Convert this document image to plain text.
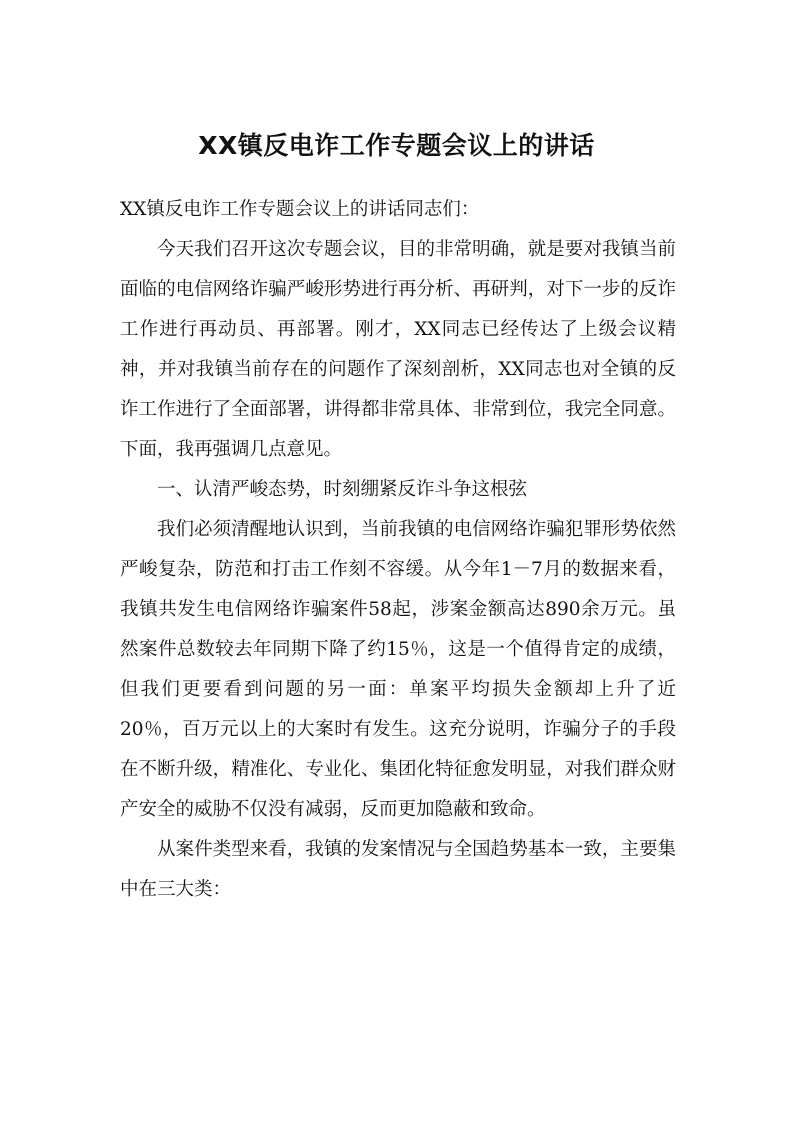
XX镇反电诈工作专题会议上的讲话

XX镇反电诈工作专题会议上的讲话同志们：

今天我们召开这次专题会议，目的非常明确，就是要对我镇当前面临的电信网络诈骗严峻形势进行再分析、再研判，对下一步的反诈工作进行再动员、再部署。刚才，XX同志已经传达了上级会议精神，并对我镇当前存在的问题作了深刻剖析，XX同志也对全镇的反诈工作进行了全面部署，讲得都非常具体、非常到位，我完全同意。下面，我再强调几点意见。

一、认清严峻态势，时刻绷紧反诈斗争这根弦

我们必须清醒地认识到，当前我镇的电信网络诈骗犯罪形势依然严峻复杂，防范和打击工作刻不容缓。从今年1－7月的数据来看，我镇共发生电信网络诈骗案件58起，涉案金额高达890余万元。虽然案件总数较去年同期下降了约15％，这是一个值得肯定的成绩，但我们更要看到问题的另一面：单案平均损失金额却上升了近20％，百万元以上的大案时有发生。这充分说明，诈骗分子的手段在不断升级，精准化、专业化、集团化特征愈发明显，对我们群众财产安全的威胁不仅没有减弱，反而更加隐蔽和致命。

从案件类型来看，我镇的发案情况与全国趋势基本一致，主要集中在三大类：
